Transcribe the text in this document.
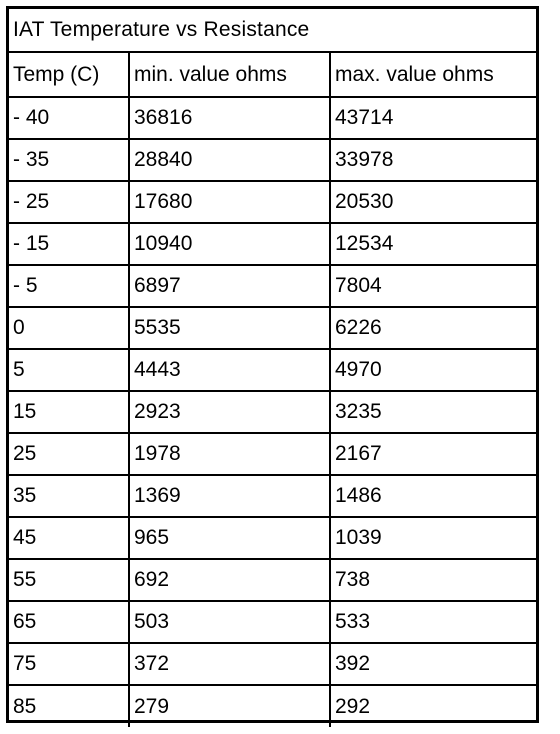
IAT Temperature vs Resistance
Temp (C)	min. value ohms	max. value ohms
- 40	36816	43714
- 35	28840	33978
- 25	17680	20530
- 15	10940	12534
- 5	6897	7804
0	5535	6226
5	4443	4970
15	2923	3235
25	1978	2167
35	1369	1486
45	965	1039
55	692	738
65	503	533
75	372	392
85	279	292
